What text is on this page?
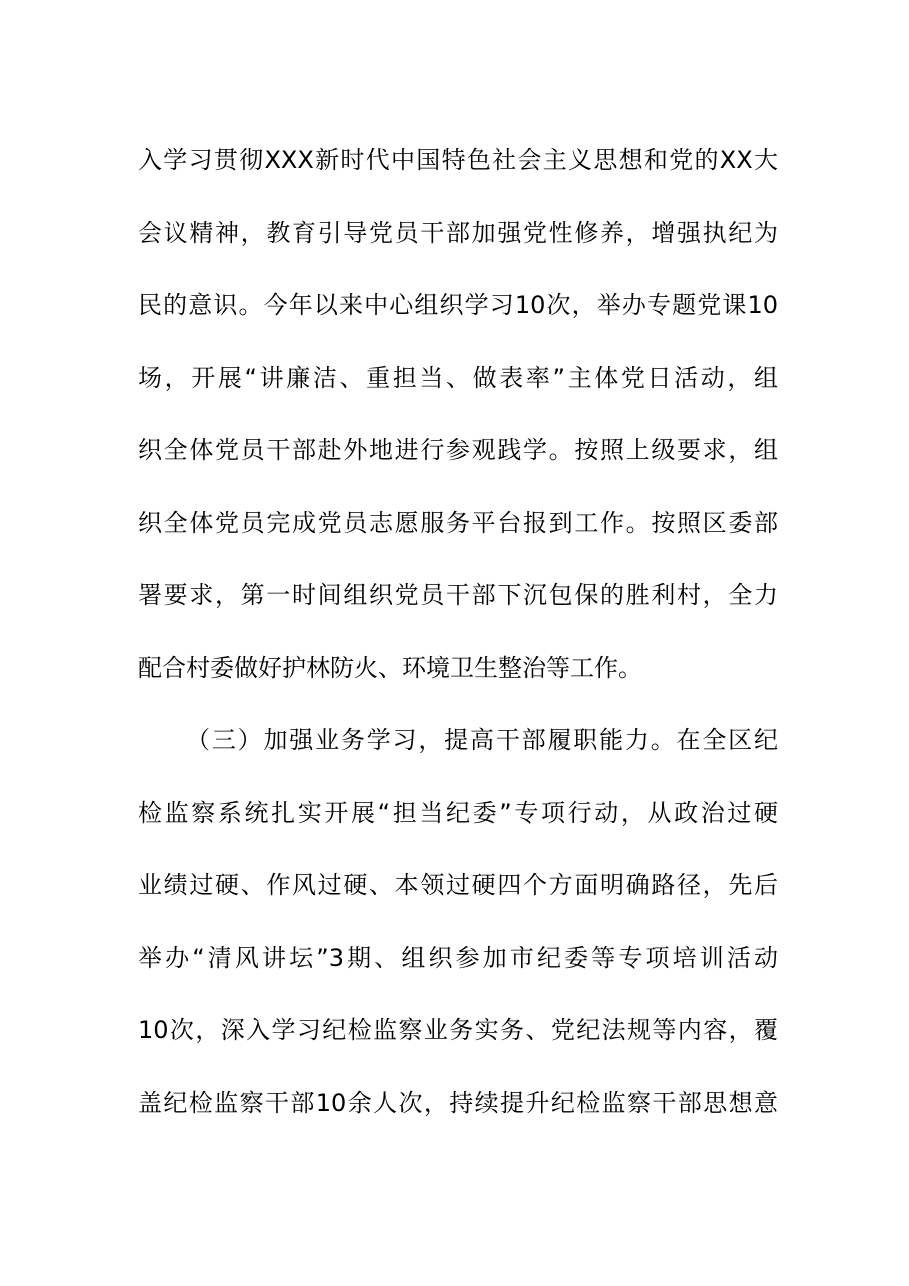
入学习贯彻XXX新时代中国特色社会主义思想和党的XX大
会议精神，教育引导党员干部加强党性修养，增强执纪为
民的意识。今年以来中心组织学习10次，举办专题党课10
场，开展“讲廉洁、重担当、做表率”主体党日活动，组
织全体党员干部赴外地进行参观践学。按照上级要求，组
织全体党员完成党员志愿服务平台报到工作。按照区委部
署要求，第一时间组织党员干部下沉包保的胜利村，全力
配合村委做好护林防火、环境卫生整治等工作。
（三）加强业务学习，提高干部履职能力。在全区纪
检监察系统扎实开展“担当纪委”专项行动，从政治过硬
业绩过硬、作风过硬、本领过硬四个方面明确路径，先后
举办“清风讲坛”3期、组织参加市纪委等专项培训活动
10次，深入学习纪检监察业务实务、党纪法规等内容，覆
盖纪检监察干部10余人次，持续提升纪检监察干部思想意
